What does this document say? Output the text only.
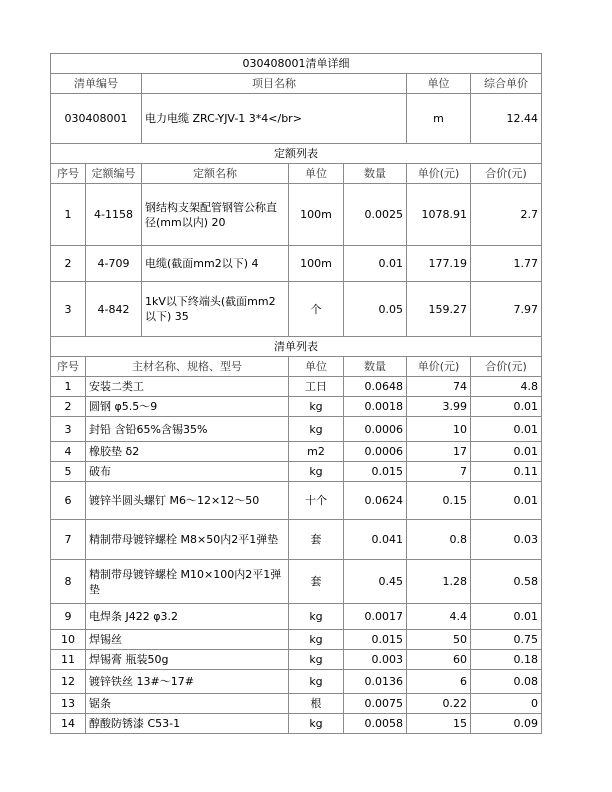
030408001清单详细						
清单编号		项目名称			单位	综合单价
030408001		电力电缆 ZRC-YJV-1 3*4</br>			m	12.44
定额列表						
序号	定额编号	定额名称	单位	数量	单价(元)	合价(元)
1	4-1158	钢结构支架配管钢管公称直径(mm以内) 20	100m	0.0025	1078.91	2.7
2	4-709	电缆(截面mm2以下) 4	100m	0.01	177.19	1.77
3	4-842	1kV以下终端头(截面mm2以下) 35	个	0.05	159.27	7.97
清单列表						
序号	主材名称、规格、型号		单位	数量	单价(元)	合价(元)
1	安装二类工		工日	0.0648	74	4.8
2	圆钢 φ5.5～9		kg	0.0018	3.99	0.01
3	封铅 含铅65%含锡35%		kg	0.0006	10	0.01
4	橡胶垫 δ2		m2	0.0006	17	0.01
5	破布		kg	0.015	7	0.11
6	镀锌半圆头螺钉 M6～12×12～50		十个	0.0624	0.15	0.01
7	精制带母镀锌螺栓 M8×50内2平1弹垫		套	0.041	0.8	0.03
8	精制带母镀锌螺栓 M10×100内2平1弹垫		套	0.45	1.28	0.58
9	电焊条 J422 φ3.2		kg	0.0017	4.4	0.01
10	焊锡丝		kg	0.015	50	0.75
11	焊锡膏 瓶装50g		kg	0.003	60	0.18
12	镀锌铁丝 13#～17#		kg	0.0136	6	0.08
13	锯条		根	0.0075	0.22	0
14	醇酸防锈漆 C53-1		kg	0.0058	15	0.09
